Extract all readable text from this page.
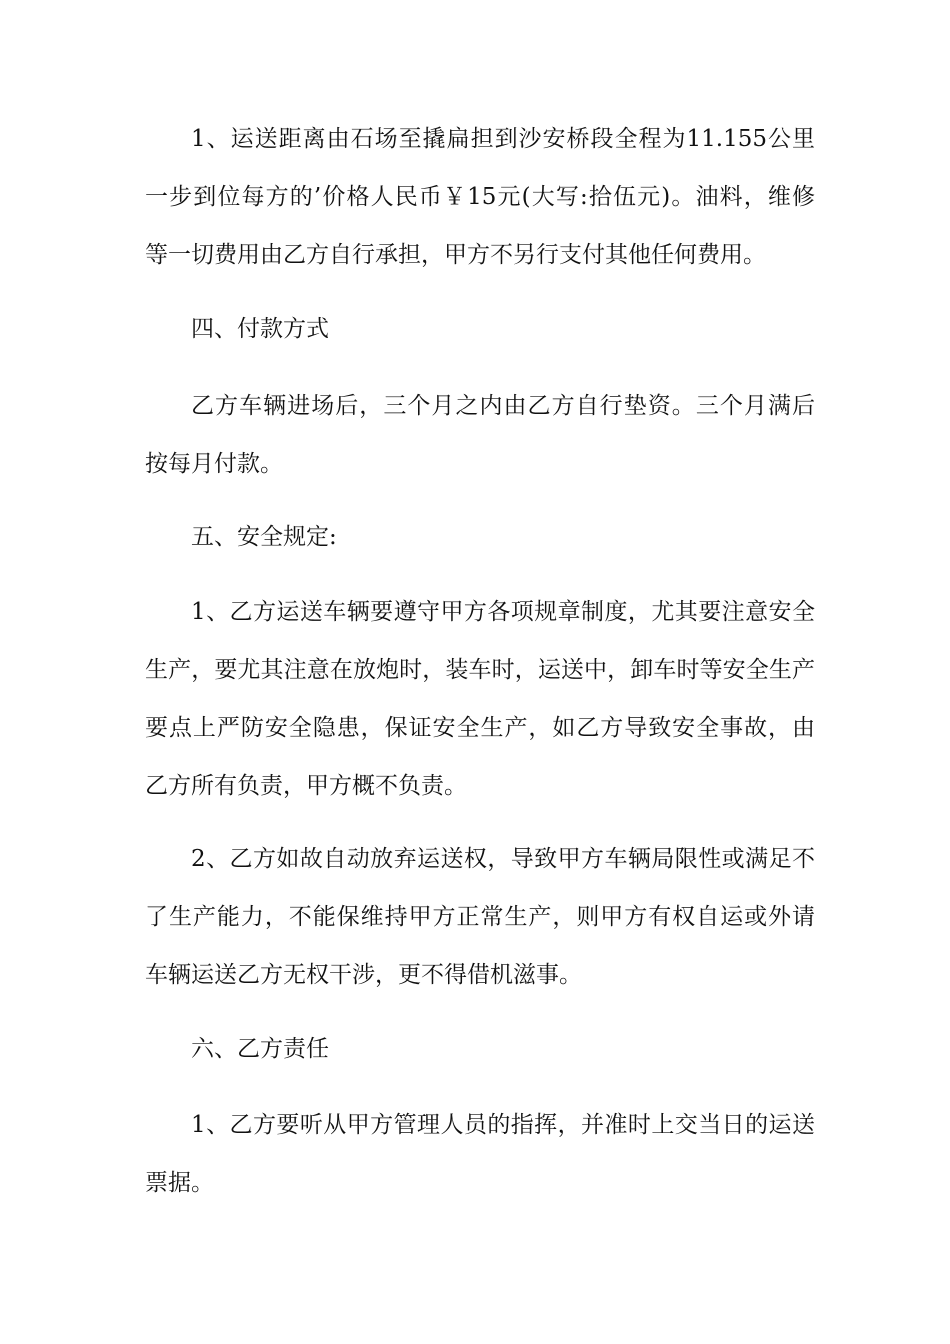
1、运送距离由石场至撬扁担到沙安桥段全程为11.155公里
一步到位每方的’价格人民币￥15元(大写:拾伍元)。油料，维修
等一切费用由乙方自行承担，甲方不另行支付其他任何费用。

四、付款方式

乙方车辆进场后，三个月之内由乙方自行垫资。三个月满后
按每月付款。

五、安全规定:

1、乙方运送车辆要遵守甲方各项规章制度，尤其要注意安全
生产，要尤其注意在放炮时，装车时，运送中，卸车时等安全生产
要点上严防安全隐患，保证安全生产，如乙方导致安全事故，由
乙方所有负责，甲方概不负责。

2、乙方如故自动放弃运送权，导致甲方车辆局限性或满足不
了生产能力，不能保维持甲方正常生产，则甲方有权自运或外请
车辆运送乙方无权干涉，更不得借机滋事。

六、乙方责任

1、乙方要听从甲方管理人员的指挥，并准时上交当日的运送
票据。
